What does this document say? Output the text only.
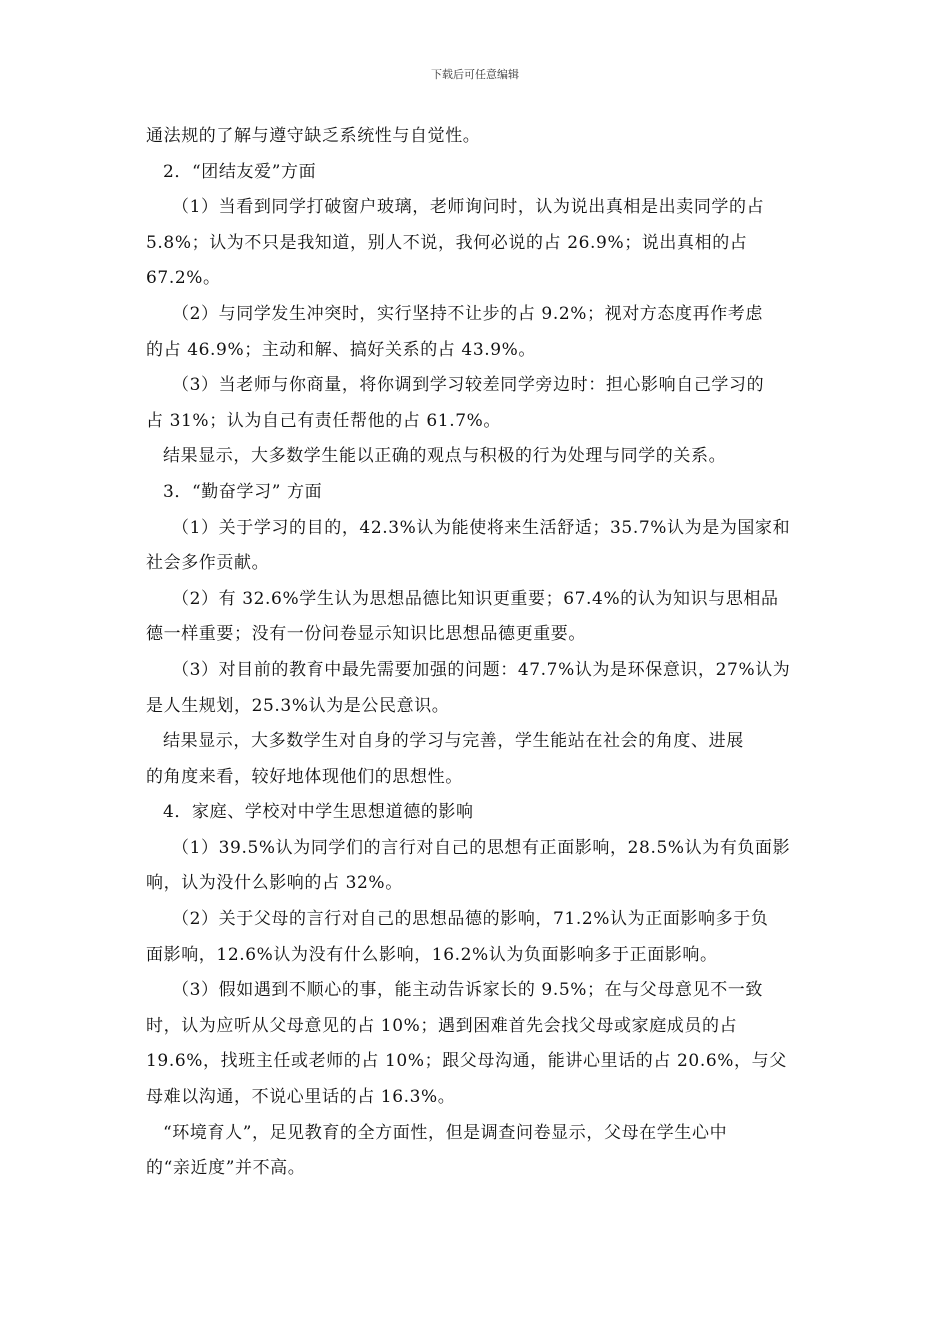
下载后可任意编辑
通法规的了解与遵守缺乏系统性与自觉性。
2．“团结友爱”方面
（1）当看到同学打破窗户玻璃，老师询问时，认为说出真相是出卖同学的占
5.8%；认为不只是我知道，别人不说，我何必说的占 26.9%；说出真相的占
67.2%。
（2）与同学发生冲突时，实行坚持不让步的占 9.2%；视对方态度再作考虑
的占 46.9%；主动和解、搞好关系的占 43.9%。
（3）当老师与你商量，将你调到学习较差同学旁边时：担心影响自己学习的
占 31%；认为自己有责任帮他的占 61.7%。
结果显示，大多数学生能以正确的观点与积极的行为处理与同学的关系。
3．“勤奋学习” 方面
（1）关于学习的目的，42.3%认为能使将来生活舒适；35.7%认为是为国家和
社会多作贡献。
（2）有 32.6%学生认为思想品德比知识更重要；67.4%的认为知识与思相品
德一样重要；没有一份问卷显示知识比思想品德更重要。
（3）对目前的教育中最先需要加强的问题：47.7%认为是环保意识，27%认为
是人生规划，25.3%认为是公民意识。
结果显示，大多数学生对自身的学习与完善，学生能站在社会的角度、进展
的角度来看，较好地体现他们的思想性。
4．家庭、学校对中学生思想道德的影响
（1）39.5%认为同学们的言行对自己的思想有正面影响，28.5%认为有负面影
响，认为没什么影响的占 32%。
（2）关于父母的言行对自己的思想品德的影响，71.2%认为正面影响多于负
面影响，12.6%认为没有什么影响，16.2%认为负面影响多于正面影响。
（3）假如遇到不顺心的事，能主动告诉家长的 9.5%；在与父母意见不一致
时，认为应听从父母意见的占 10%；遇到困难首先会找父母或家庭成员的占
19.6%，找班主任或老师的占 10%；跟父母沟通，能讲心里话的占 20.6%，与父
母难以沟通，不说心里话的占 16.3%。
“环境育人”，足见教育的全方面性，但是调查问卷显示，父母在学生心中
的“亲近度”并不高。
